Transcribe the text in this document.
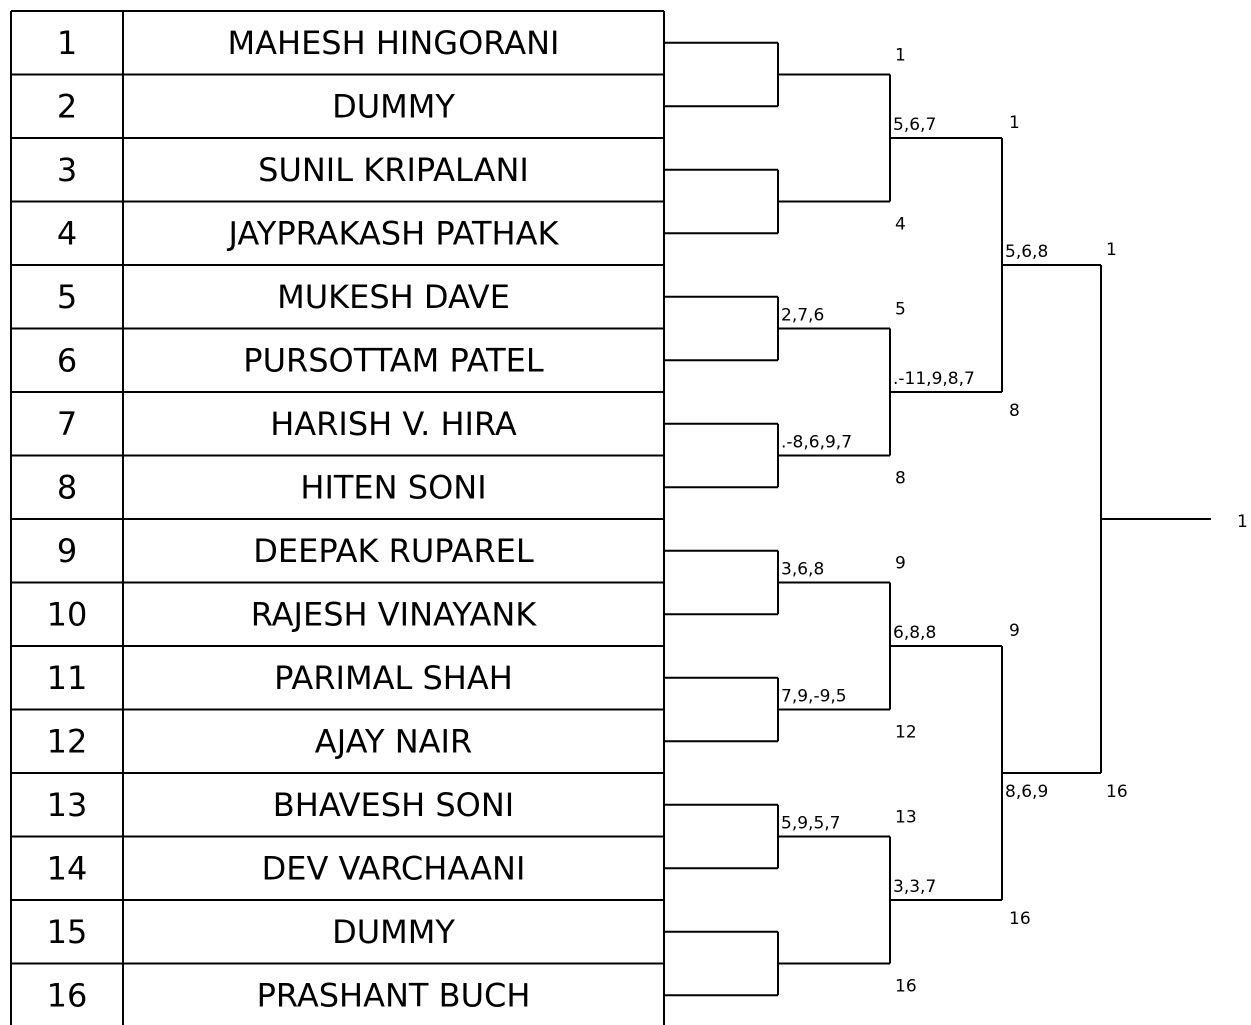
1	MAHESH HINGORANI
2	DUMMY
3	SUNIL KRIPALANI
4	JAYPRAKASH PATHAK
5	MUKESH DAVE
6	PURSOTTAM PATEL
7	HARISH V. HIRA
8	HITEN SONI
9	DEEPAK RUPAREL
10	RAJESH VINAYANK
11	PARIMAL SHAH
12	AJAY NAIR
13	BHAVESH SONI
14	DEV VARCHAANI
15	DUMMY
16	PRASHANT BUCH
1
4
5
2,7,6
8
.-8,6,9,7
9
3,6,8
12
7,9,-9,5
13
5,9,5,7
16
1
5,6,7
8
.-11,9,8,7
9
6,8,8
16
3,3,7
1
5,6,8
16
8,6,9
1
